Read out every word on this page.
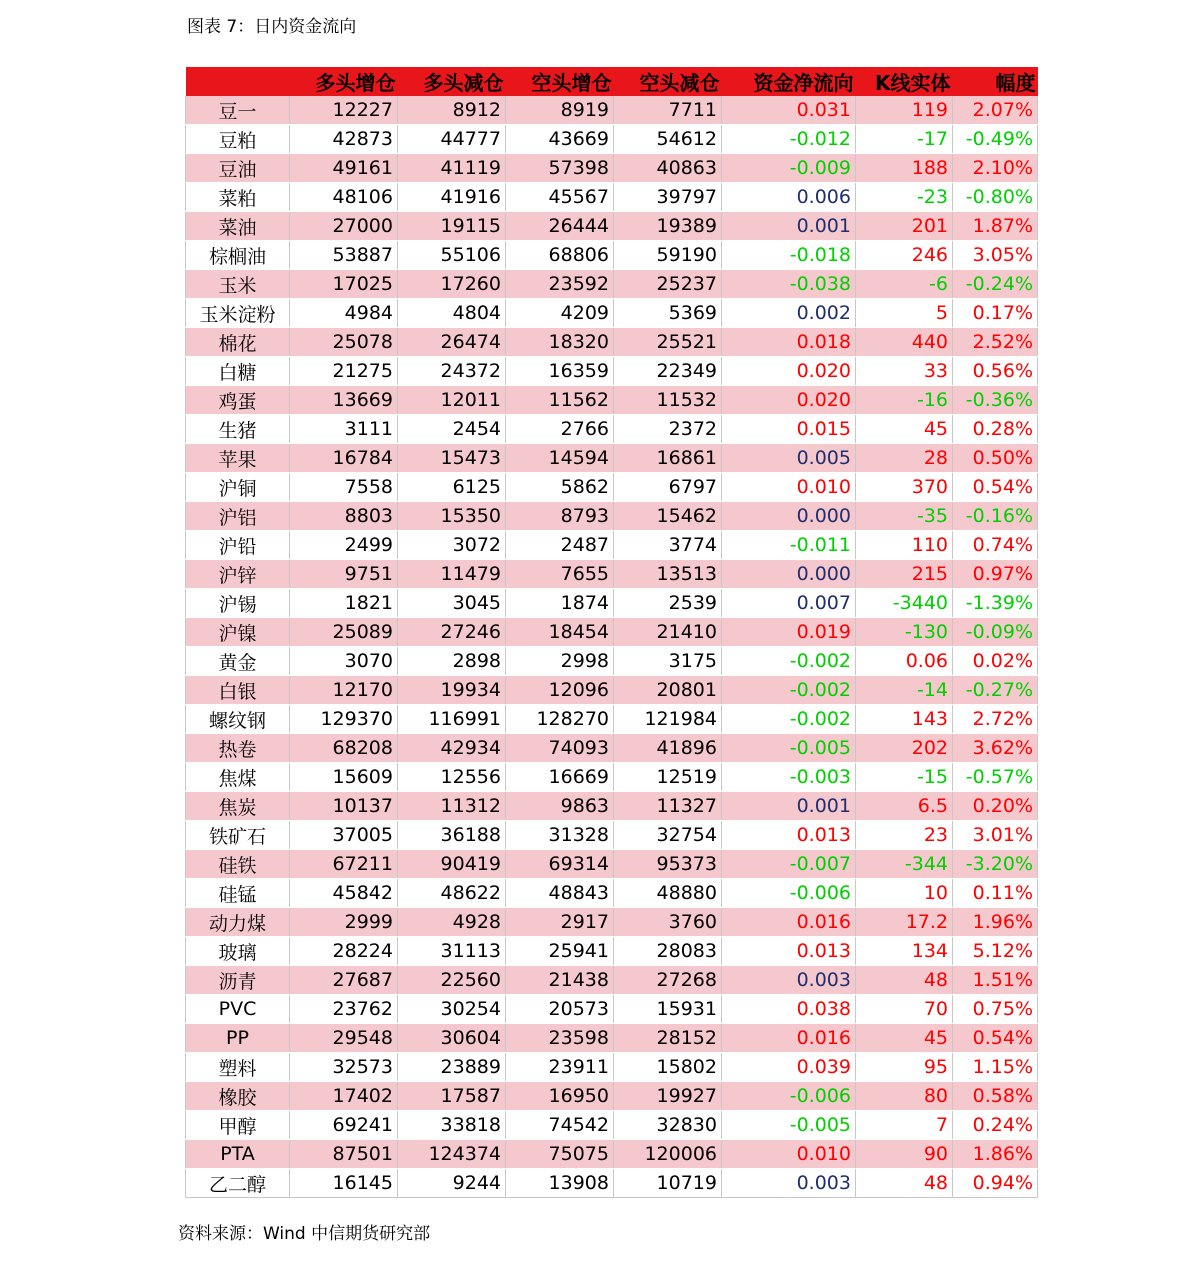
图表 7：日内资金流向
	多头增仓	多头减仓	空头增仓	空头减仓	资金净流向	K线实体	幅度
豆一	12227	8912	8919	7711	0.031	119	2.07%
豆粕	42873	44777	43669	54612	-0.012	-17	-0.49%
豆油	49161	41119	57398	40863	-0.009	188	2.10%
菜粕	48106	41916	45567	39797	0.006	-23	-0.80%
菜油	27000	19115	26444	19389	0.001	201	1.87%
棕榈油	53887	55106	68806	59190	-0.018	246	3.05%
玉米	17025	17260	23592	25237	-0.038	-6	-0.24%
玉米淀粉	4984	4804	4209	5369	0.002	5	0.17%
棉花	25078	26474	18320	25521	0.018	440	2.52%
白糖	21275	24372	16359	22349	0.020	33	0.56%
鸡蛋	13669	12011	11562	11532	0.020	-16	-0.36%
生猪	3111	2454	2766	2372	0.015	45	0.28%
苹果	16784	15473	14594	16861	0.005	28	0.50%
沪铜	7558	6125	5862	6797	0.010	370	0.54%
沪铝	8803	15350	8793	15462	0.000	-35	-0.16%
沪铅	2499	3072	2487	3774	-0.011	110	0.74%
沪锌	9751	11479	7655	13513	0.000	215	0.97%
沪锡	1821	3045	1874	2539	0.007	-3440	-1.39%
沪镍	25089	27246	18454	21410	0.019	-130	-0.09%
黄金	3070	2898	2998	3175	-0.002	0.06	0.02%
白银	12170	19934	12096	20801	-0.002	-14	-0.27%
螺纹钢	129370	116991	128270	121984	-0.002	143	2.72%
热卷	68208	42934	74093	41896	-0.005	202	3.62%
焦煤	15609	12556	16669	12519	-0.003	-15	-0.57%
焦炭	10137	11312	9863	11327	0.001	6.5	0.20%
铁矿石	37005	36188	31328	32754	0.013	23	3.01%
硅铁	67211	90419	69314	95373	-0.007	-344	-3.20%
硅锰	45842	48622	48843	48880	-0.006	10	0.11%
动力煤	2999	4928	2917	3760	0.016	17.2	1.96%
玻璃	28224	31113	25941	28083	0.013	134	5.12%
沥青	27687	22560	21438	27268	0.003	48	1.51%
PVC	23762	30254	20573	15931	0.038	70	0.75%
PP	29548	30604	23598	28152	0.016	45	0.54%
塑料	32573	23889	23911	15802	0.039	95	1.15%
橡胶	17402	17587	16950	19927	-0.006	80	0.58%
甲醇	69241	33818	74542	32830	-0.005	7	0.24%
PTA	87501	124374	75075	120006	0.010	90	1.86%
乙二醇	16145	9244	13908	10719	0.003	48	0.94%
资料来源：Wind 中信期货研究部
